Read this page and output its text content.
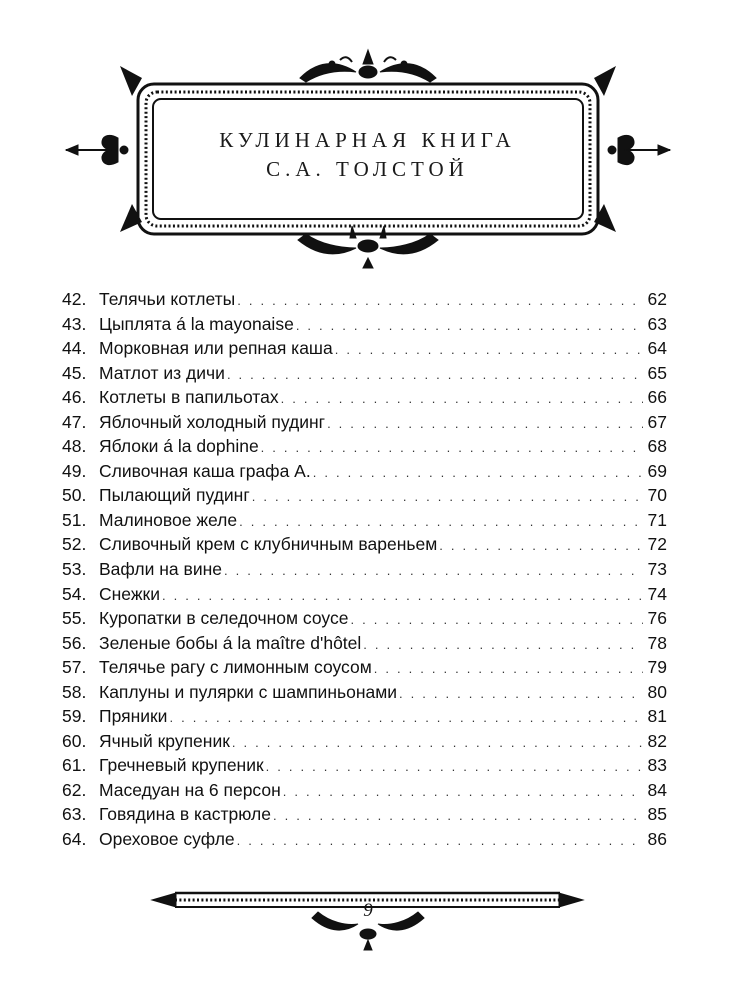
КУЛИНАРНАЯ КНИГА
С.А. ТОЛСТОЙ
42. Телячьи котлеты . . .	62
43. Цыплята á la mayonaise . . .	63
44. Морковная или репная каша . . .	64
45. Матлот из дичи . . .	65
46. Котлеты в папильотах . . .	66
47. Яблочный холодный пудинг . . .	67
48. Яблоки á la dophine . . .	68
49. Сливочная каша графа А. . . .	69
50. Пылающий пудинг . . .	70
51. Малиновое желе . . .	71
52. Сливочный крем с клубничным вареньем . . .	72
53. Вафли на вине . . .	73
54. Снежки . . .	74
55. Куропатки в селедочном соусе . . .	76
56. Зеленые бобы á la maître d'hôtel . . .	78
57. Телячье рагу с лимонным соусом . . .	79
58. Каплуны и пулярки с шампиньонами . . .	80
59. Пряники . . .	81
60. Ячный крупеник . . .	82
61. Гречневый крупеник . . .	83
62. Маседуан на 6 персон . . .	84
63. Говядина в кастрюле . . .	85
64. Ореховое суфле . . .	86
9
